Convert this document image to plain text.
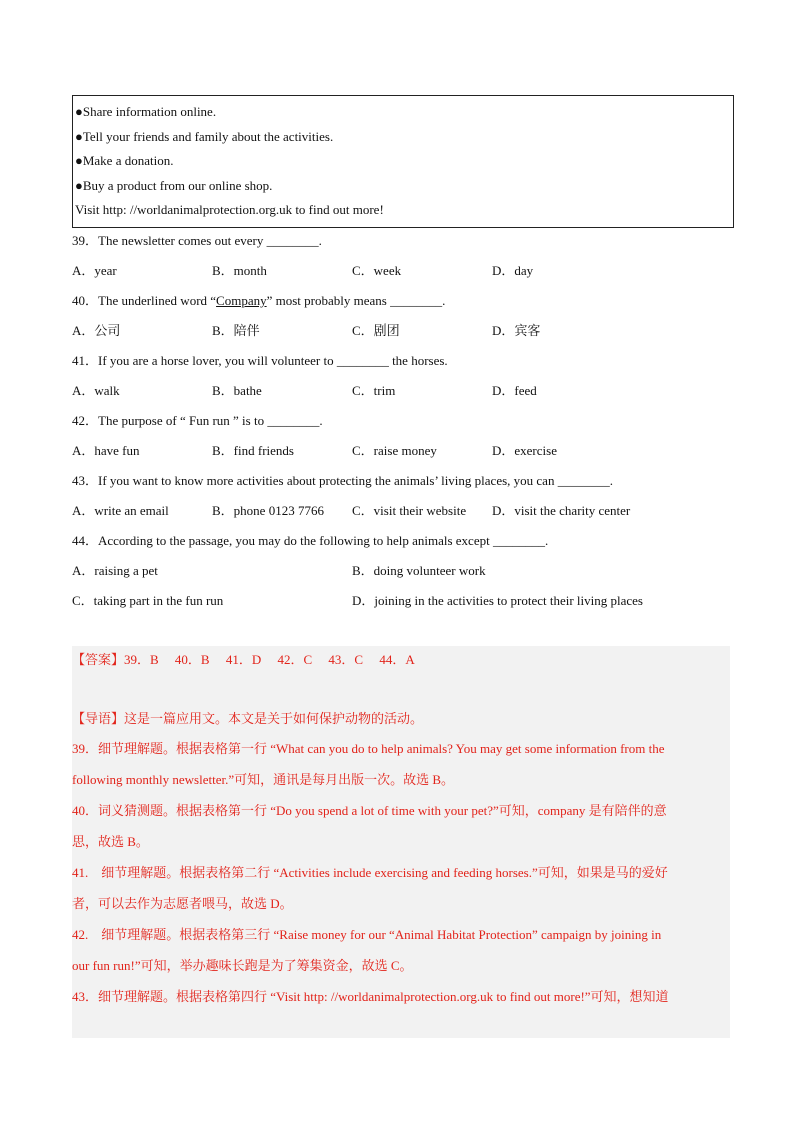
●Share information online.
●Tell your friends and family about the activities.
●Make a donation.
●Buy a product from our online shop.
Visit http: //worldanimalprotection.org.uk to find out more!
39．The newsletter comes out every ________.
A．year	B．month	C．week	D．day
40．The underlined word “Company” most probably means ________.
A．公司	B．陪伴	C．剧团	D．宾客
41．If you are a horse lover, you will volunteer to ________ the horses.
A．walk	B．bathe	C．trim	D．feed
42．The purpose of “ Fun run ” is to ________.
A．have fun	B．find friends	C．raise money	D．exercise
43．If you want to know more activities about protecting the animals’ living places, you can ________.
A．write an email	B．phone 0123 7766 C．visit their website D．visit the charity center
44．According to the passage, you may do the following to help animals except ________.
A．raising a pet	B．doing volunteer work
C．taking part in the fun run	D．joining in the activities to protect their living places
【答案】39．B　 40．B　 41．D　 42．C　 43．C　 44．A
【导语】这是一篇应用文。本文是关于如何保护动物的活动。
39．细节理解题。根据表格第一行 “What can you do to help animals? You may get some information from the
following monthly newsletter.”可知，通讯是每月出版一次。故选 B。
40．词义猜测题。根据表格第一行 “Do you spend a lot of time with your pet?”可知，company 是有陪伴的意
思，故选 B。
41.　细节理解题。根据表格第二行 “Activities include exercising and feeding horses.”可知，如果是马的爱好
者，可以去作为志愿者喂马，故选 D。
42.　细节理解题。根据表格第三行 “Raise money for our “Animal Habitat Protection” campaign by joining in
our fun run!”可知，举办趣味长跑是为了筹集资金，故选 C。
43．细节理解题。根据表格第四行 “Visit http: //worldanimalprotection.org.uk to find out more!”可知，想知道
